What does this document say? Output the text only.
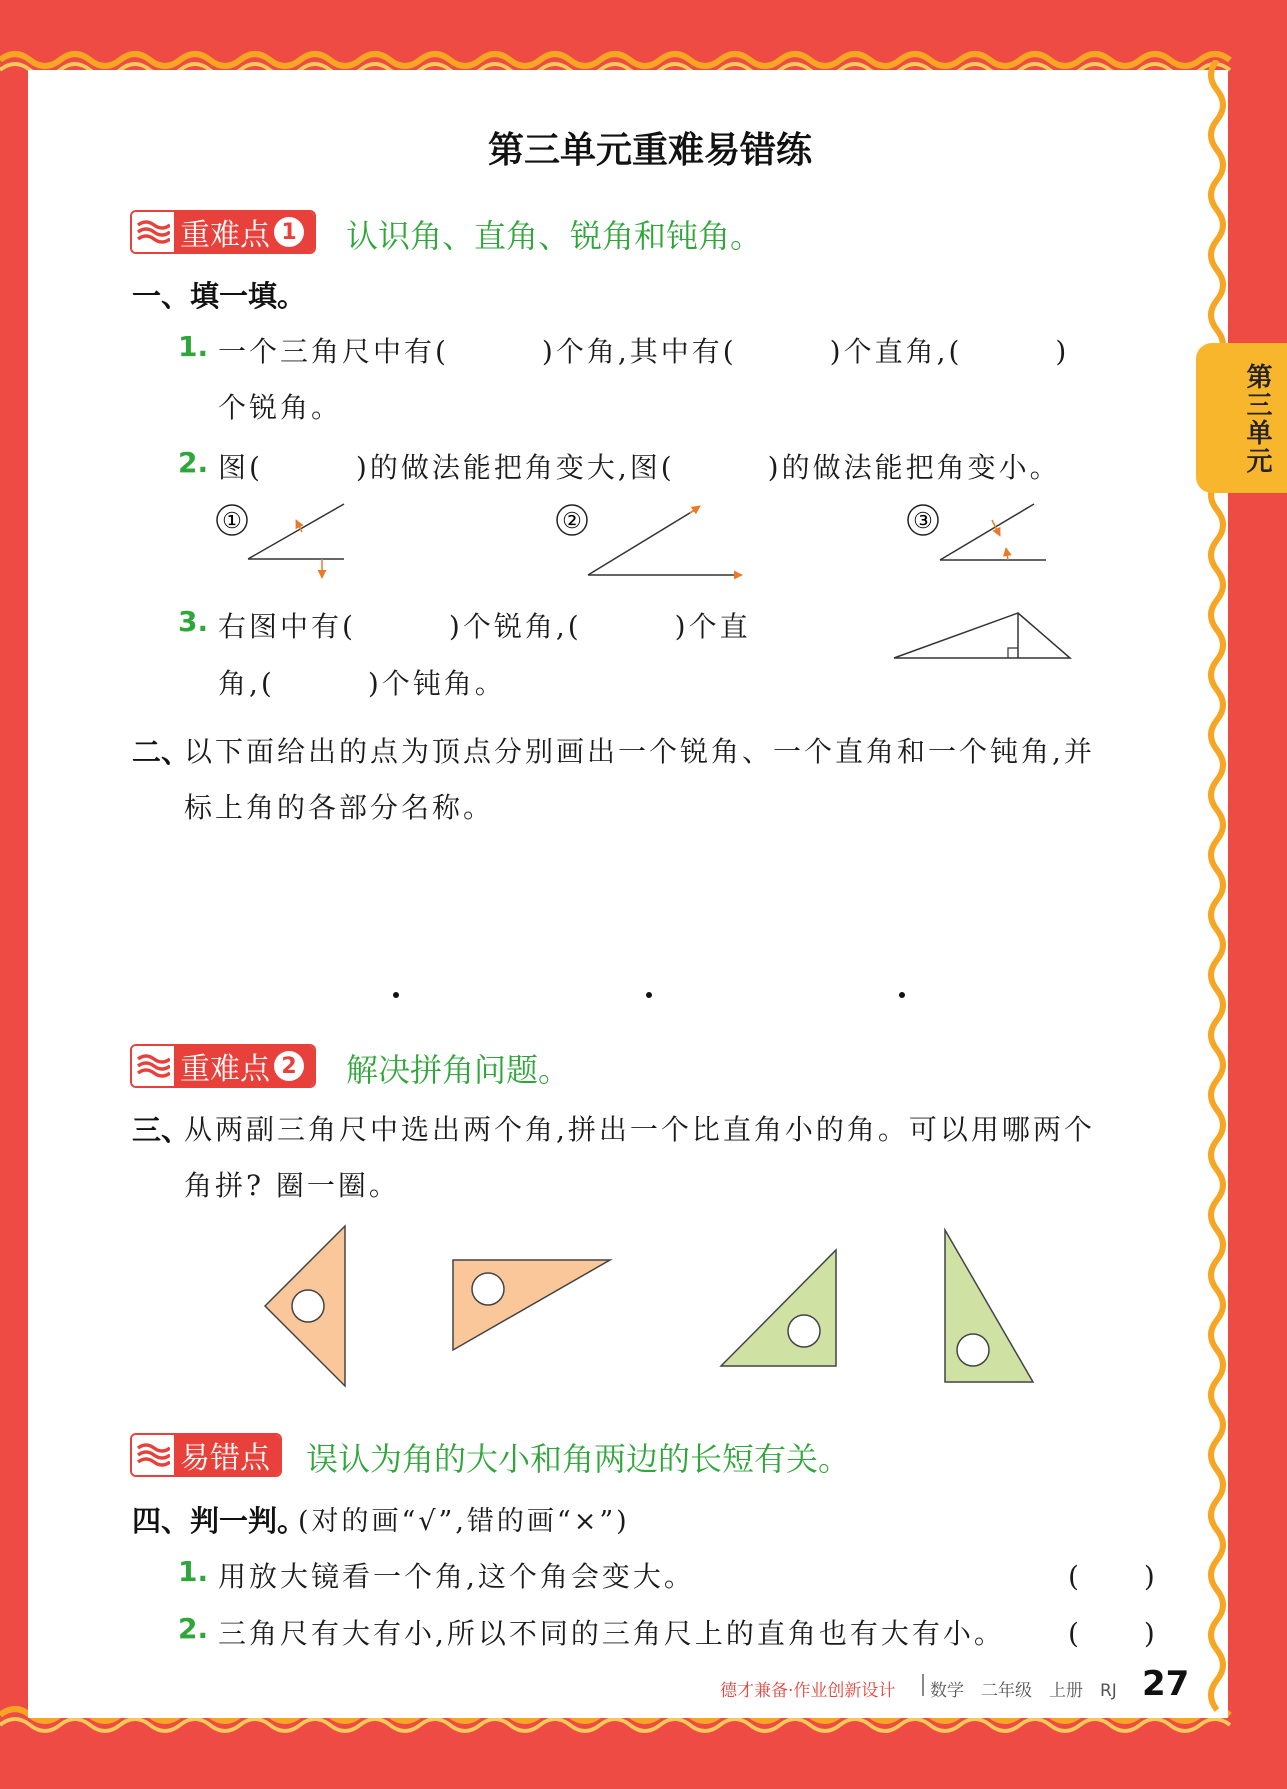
第三单元
第三单元重难易错练
重难点 1 认识角、直角、锐角和钝角。
一、填一填。
1. 一个三角尺中有(　　　)个角,其中有(　　　)个直角,(　　　)
个锐角。
2. 图(　　　)的做法能把角变大,图(　　　)的做法能把角变小。
①	②	③
3. 右图中有(　　　)个锐角,(　　　)个直
角,(　　　)个钝角。
二、
以下面给出的点为顶点分别画出一个锐角、一个直角和一个钝角,并
标上角的各部分名称。
重难点 2 解决拼角问题。
三、
从两副三角尺中选出两个角,拼出一个比直角小的角。可以用哪两个
角拼? 圈一圈。
易错点 误认为角的大小和角两边的长短有关。
四、判一判。
(对的画“√”,错的画“×”)
1. 用放大镜看一个角,这个角会变大。	(　　)
2. 三角尺有大有小,所以不同的三角尺上的直角也有大有小。 (　　)
德才兼备·作业创新设计 数学　二年级　上册　RJ 27
